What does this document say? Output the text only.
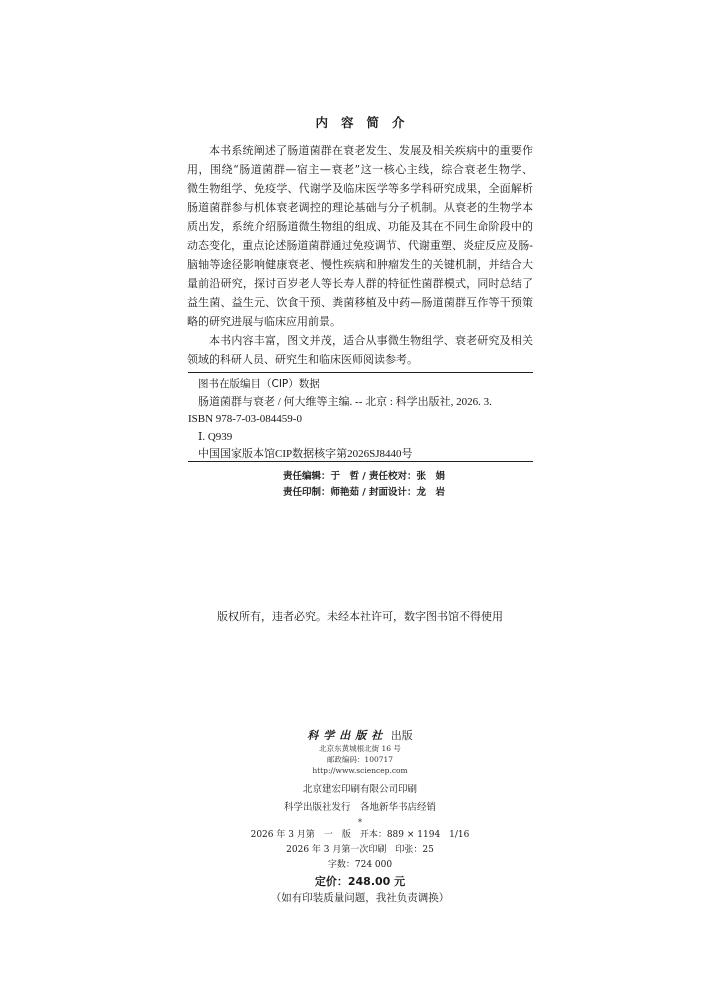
内容简介
本书系统阐述了肠道菌群在衰老发生、发展及相关疾病中的重要作
用，围绕“肠道菌群—宿主—衰老”这一核心主线，综合衰老生物学、
微生物组学、免疫学、代谢学及临床医学等多学科研究成果，全面解析
肠道菌群参与机体衰老调控的理论基础与分子机制。从衰老的生物学本
质出发，系统介绍肠道微生物组的组成、功能及其在不同生命阶段中的
动态变化，重点论述肠道菌群通过免疫调节、代谢重塑、炎症反应及肠-
脑轴等途径影响健康衰老、慢性疾病和肿瘤发生的关键机制，并结合大
量前沿研究，探讨百岁老人等长寿人群的特征性菌群模式，同时总结了
益生菌、益生元、饮食干预、粪菌移植及中药—肠道菌群互作等干预策
略的研究进展与临床应用前景。
本书内容丰富，图文并茂，适合从事微生物组学、衰老研究及相关
领域的科研人员、研究生和临床医师阅读参考。
图书在版编目（CIP）数据
肠道菌群与衰老 / 何大维等主编. -- 北京 : 科学出版社, 2026. 3.
ISBN 978-7-03-084459-0
Ⅰ. Q939
中国国家版本馆CIP数据核字第2026SJ8440号
责任编辑：于　哲 / 责任校对：张　娟
责任印制：师艳茹 / 封面设计：龙　岩
版权所有，违者必究。未经本社许可，数字图书馆不得使用
科学出版社 出版
北京东黄城根北街 16 号
邮政编码：100717
http://www.sciencep.com
北京建宏印刷有限公司印刷
科学出版社发行　各地新华书店经销
*
2026 年 3 月第　一　版　开本：889 × 1194　1/16
2026 年 3 月第一次印刷　印张：25
字数：724 000
定价：248.00 元
（如有印装质量问题，我社负责调换）
